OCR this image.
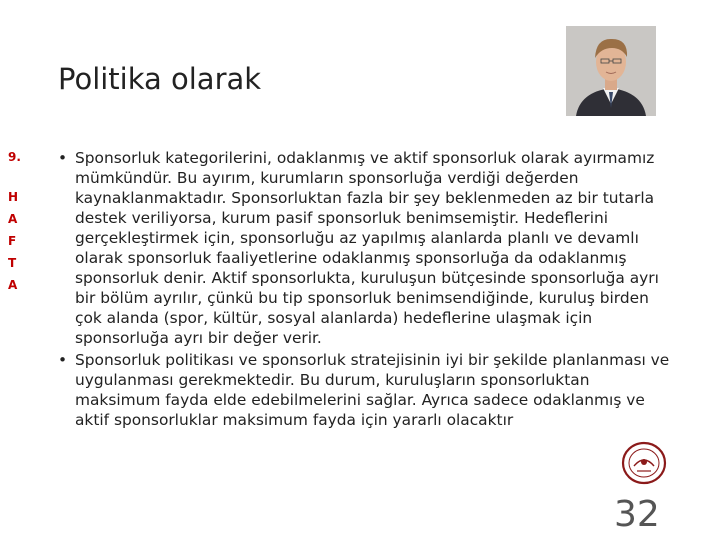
Politika olarak
9.
H
A
F
T
A
• Sponsorluk kategorilerini, odaklanmış ve aktif sponsorluk olarak ayırmamız mümkündür. Bu ayırım, kurumların sponsorluğa verdiği değerden kaynaklanmaktadır. Sponsorluktan fazla bir şey beklenmeden az bir tutarla destek veriliyorsa, kurum pasif sponsorluk benimsemiştir. Hedeflerini gerçekleştirmek için, sponsorluğu az yapılmış alanlarda planlı ve devamlı olarak sponsorluk faaliyetlerine odaklanmış sponsorluğa da odaklanmış sponsorluk denir. Aktif sponsorlukta, kuruluşun bütçesinde sponsorluğa ayrı bir bölüm ayrılır, çünkü bu tip sponsorluk benimsendiğinde, kuruluş birden çok alanda (spor, kültür, sosyal alanlarda) hedeflerine ulaşmak için sponsorluğa ayrı bir değer verir.
• Sponsorluk politikası ve sponsorluk stratejisinin iyi bir şekilde planlanması ve uygulanması gerekmektedir. Bu durum, kuruluşların sponsorluktan maksimum fayda elde edebilmelerini sağlar. Ayrıca sadece odaklanmış ve aktif sponsorluklar maksimum fayda için yararlı olacaktır
32
